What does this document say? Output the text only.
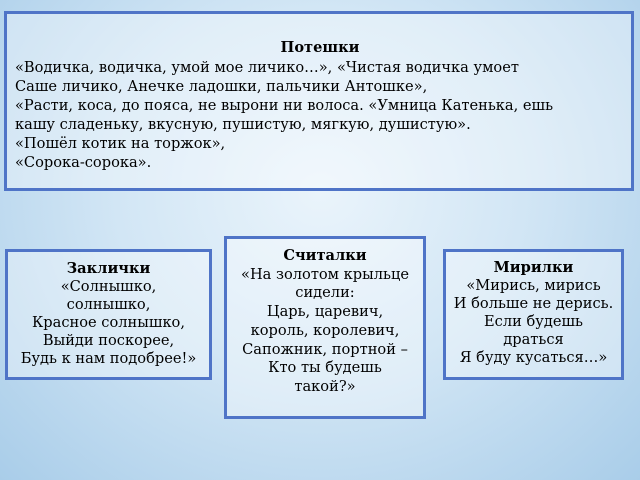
Потешки
«Водичка, водичка, умой мое личико…», «Чистая водичка умоет
Саше личико, Анечке ладошки, пальчики Антошке»,
«Расти, коса, до пояса, не вырони ни волоса. «Умница Катенька, ешь
кашу сладеньку, вкусную, пушистую, мягкую, душистую».
«Пошёл котик на торжок»,
«Сорока-сорока».
Заклички
«Солнышко,
солнышко,
Красное солнышко,
Выйди поскорее,
Будь к нам подобрее!»
Считалки
«На золотом крыльце
сидели:
Царь, царевич,
король, королевич,
Сапожник, портной –
Кто ты будешь
такой?»
Мирилки
«Мирись, мирись
И больше не дерись.
Если будешь
драться
Я буду кусаться…»
